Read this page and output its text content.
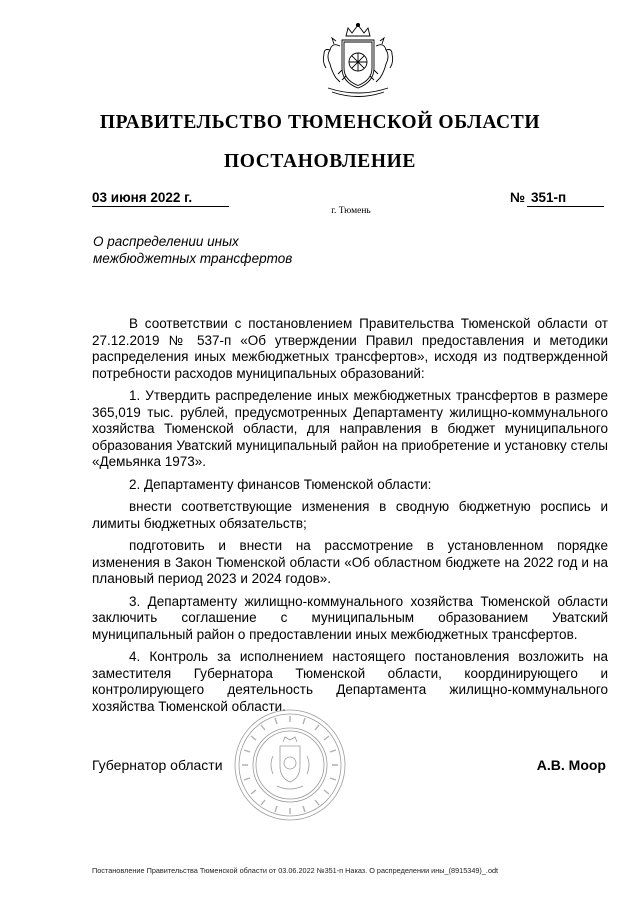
ПРАВИТЕЛЬСТВО ТЮМЕНСКОЙ ОБЛАСТИ
ПОСТАНОВЛЕНИЕ
03 июня 2022 г.	№ 351-п
г. Тюмень
О распределении иных
межбюджетных трансфертов

В соответствии с постановлением Правительства Тюменской области от 27.12.2019 № 537-п «Об утверждении Правил предоставления и методики распределения иных межбюджетных трансфертов», исходя из подтвержденной потребности расходов муниципальных образований:

1. Утвердить распределение иных межбюджетных трансфертов в размере 365,019 тыс. рублей, предусмотренных Департаменту жилищно-коммунального хозяйства Тюменской области, для направления в бюджет муниципального образования Уватский муниципальный район на приобретение и установку стелы «Демьянка 1973».

2. Департаменту финансов Тюменской области:

внести соответствующие изменения в сводную бюджетную роспись и лимиты бюджетных обязательств;

подготовить и внести на рассмотрение в установленном порядке изменения в Закон Тюменской области «Об областном бюджете на 2022 год и на плановый период 2023 и 2024 годов».

3. Департаменту жилищно-коммунального хозяйства Тюменской области заключить соглашение с муниципальным образованием Уватский муниципальный район о предоставлении иных межбюджетных трансфертов.

4. Контроль за исполнением настоящего постановления возложить на заместителя Губернатора Тюменской области, координирующего и контролирующего деятельность Департамента жилищно-коммунального хозяйства Тюменской области.

Губернатор области	А.В. Моор
Постановление Правительства Тюменской области от 03.06.2022 №351-п Наказ. О распределении ины_(8915349)_.odt
